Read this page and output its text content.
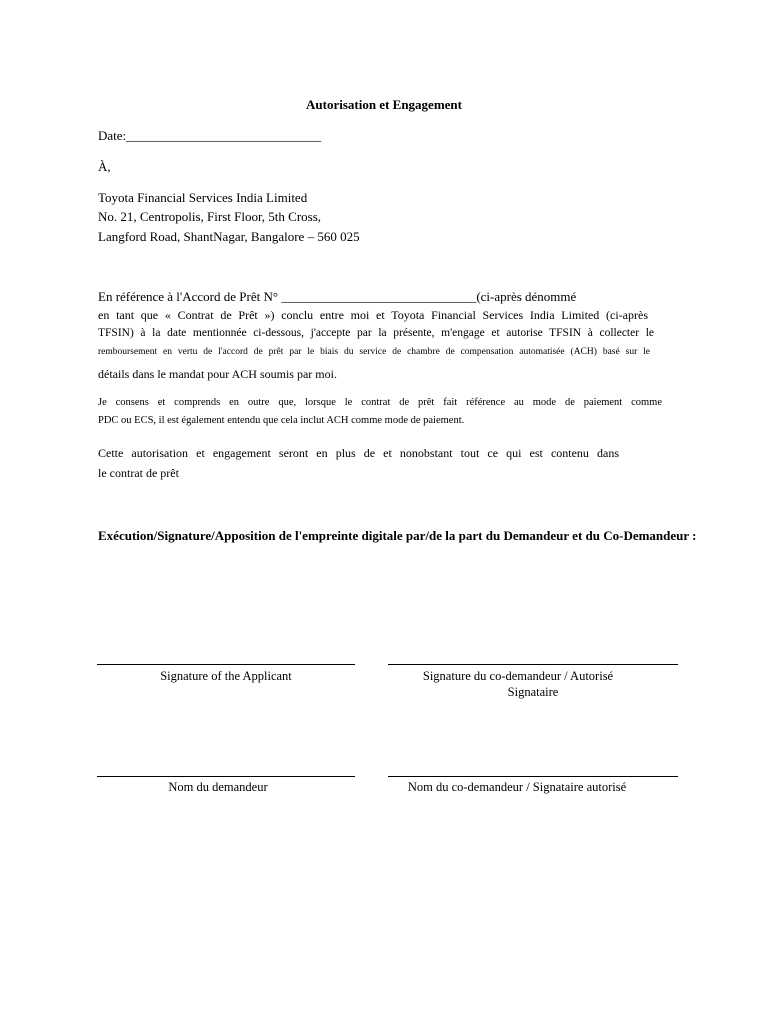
Autorisation et Engagement
Date:______________________________
À,
Toyota Financial Services India Limited
No. 21, Centropolis, First Floor, 5th Cross,
Langford Road, ShantNagar, Bangalore – 560 025
En référence à l'Accord de Prêt N° ______________________________(ci-après dénommé
en tant que « Contrat de Prêt ») conclu entre moi et Toyota Financial Services India Limited (ci-après
TFSIN) à la date mentionnée ci-dessous, j'accepte par la présente, m'engage et autorise TFSIN à collecter le
remboursement en vertu de l'accord de prêt par le biais du service de chambre de compensation automatisée (ACH) basé sur le
détails dans le mandat pour ACH soumis par moi.
Je consens et comprends en outre que, lorsque le contrat de prêt fait référence au mode de paiement comme
PDC ou ECS, il est également entendu que cela inclut ACH comme mode de paiement.
Cette autorisation et engagement seront en plus de et nonobstant tout ce qui est contenu dans
le contrat de prêt
Exécution/Signature/Apposition de l'empreinte digitale par/de la part du Demandeur et du Co-Demandeur :
Signature of the Applicant	Signature du co-demandeur / Autorisé
Signataire
Nom du demandeur	Nom du co-demandeur / Signataire autorisé
